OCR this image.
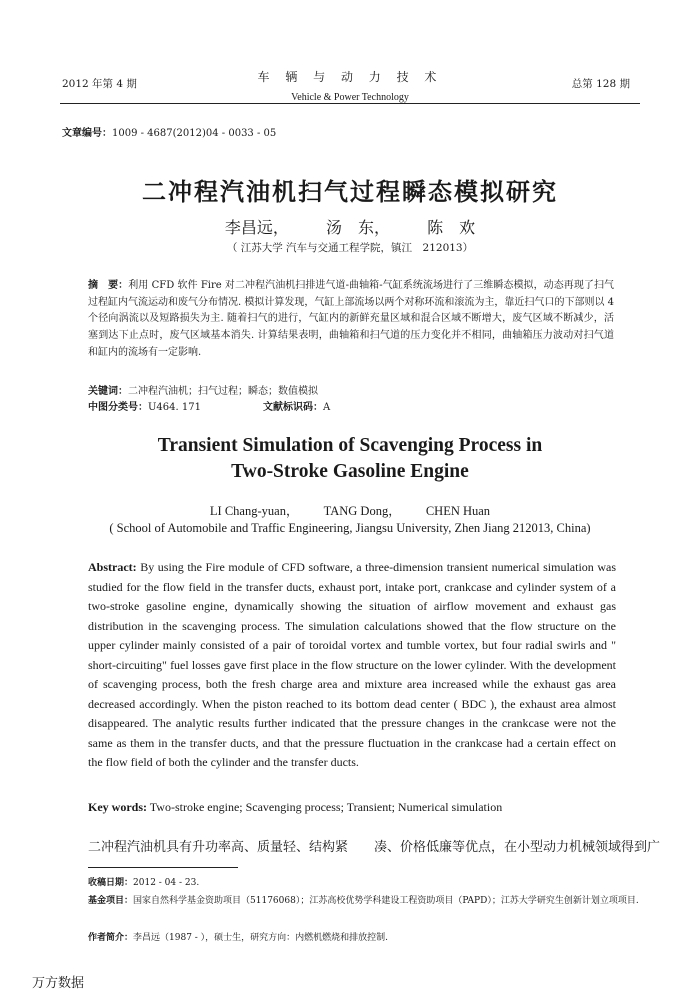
2012 年第 4 期	车 辆 与 动 力 技 术
Vehicle & Power Technology
总第 128 期
文章编号：1009 - 4687(2012)04 - 0033 - 05
二冲程汽油机扫气过程瞬态模拟研究
李昌远， 汤　东， 陈　欢
（ 江苏大学 汽车与交通工程学院，镇江　212013）
摘　要：利用 CFD 软件 Fire 对二冲程汽油机扫排进气道-曲轴箱-气缸系统流场进行了三维瞬态模拟，动态再现了扫气过程缸内气流运动和废气分布情况. 模拟计算发现，气缸上部流场以两个对称环流和滚流为主，靠近扫气口的下部则以 4 个径向涡流以及短路损失为主. 随着扫气的进行，气缸内的新鲜充量区域和混合区域不断增大，废气区域不断减少，活塞到达下止点时，废气区域基本消失. 计算结果表明，曲轴箱和扫气道的压力变化并不相同，曲轴箱压力波动对扫气道和缸内的流场有一定影响.
关键词：二冲程汽油机；扫气过程；瞬态；数值模拟
中图分类号：U464. 171	文献标识码：A
Transient Simulation of Scavenging Process in
Two-Stroke Gasoline Engine
LI Chang-yuan， TANG Dong， CHEN Huan
( School of Automobile and Traffic Engineering, Jiangsu University, Zhen Jiang 212013, China)
Abstract: By using the Fire module of CFD software, a three-dimension transient numerical simulation was studied for the flow field in the transfer ducts, exhaust port, intake port, crankcase and cylinder system of a two-stroke gasoline engine, dynamically showing the situation of airflow movement and exhaust gas distribution in the scavenging process. The simulation calculations showed that the flow structure on the upper cylinder mainly consisted of a pair of toroidal vortex and tumble vortex, but four radial swirls and " short-circuiting" fuel losses gave first place in the flow structure on the lower cylinder. With the development of scavenging process, both the fresh charge area and mixture area increased while the exhaust gas area decreased accordingly. When the piston reached to its bottom dead center ( BDC ), the exhaust area almost disappeared. The analytic results further indicated that the pressure changes in the crankcase were not the same as them in the transfer ducts, and that the pressure fluctuation in the crankcase had a certain effect on the flow field of both the cylinder and the transfer ducts.
Key words: Two-stroke engine; Scavenging process; Transient; Numerical simulation
二冲程汽油机具有升功率高、质量轻、结构紧　　凑、价格低廉等优点，在小型动力机械领域得到广
收稿日期：2012 - 04 - 23.
基金项目：国家自然科学基金资助项目（51176068）；江苏高校优势学科建设工程资助项目（PAPD）；江苏大学研究生创新计划立项项目.
作者简介：李昌远（1987 - ），硕士生，研究方向：内燃机燃烧和排放控制.
万方数据
